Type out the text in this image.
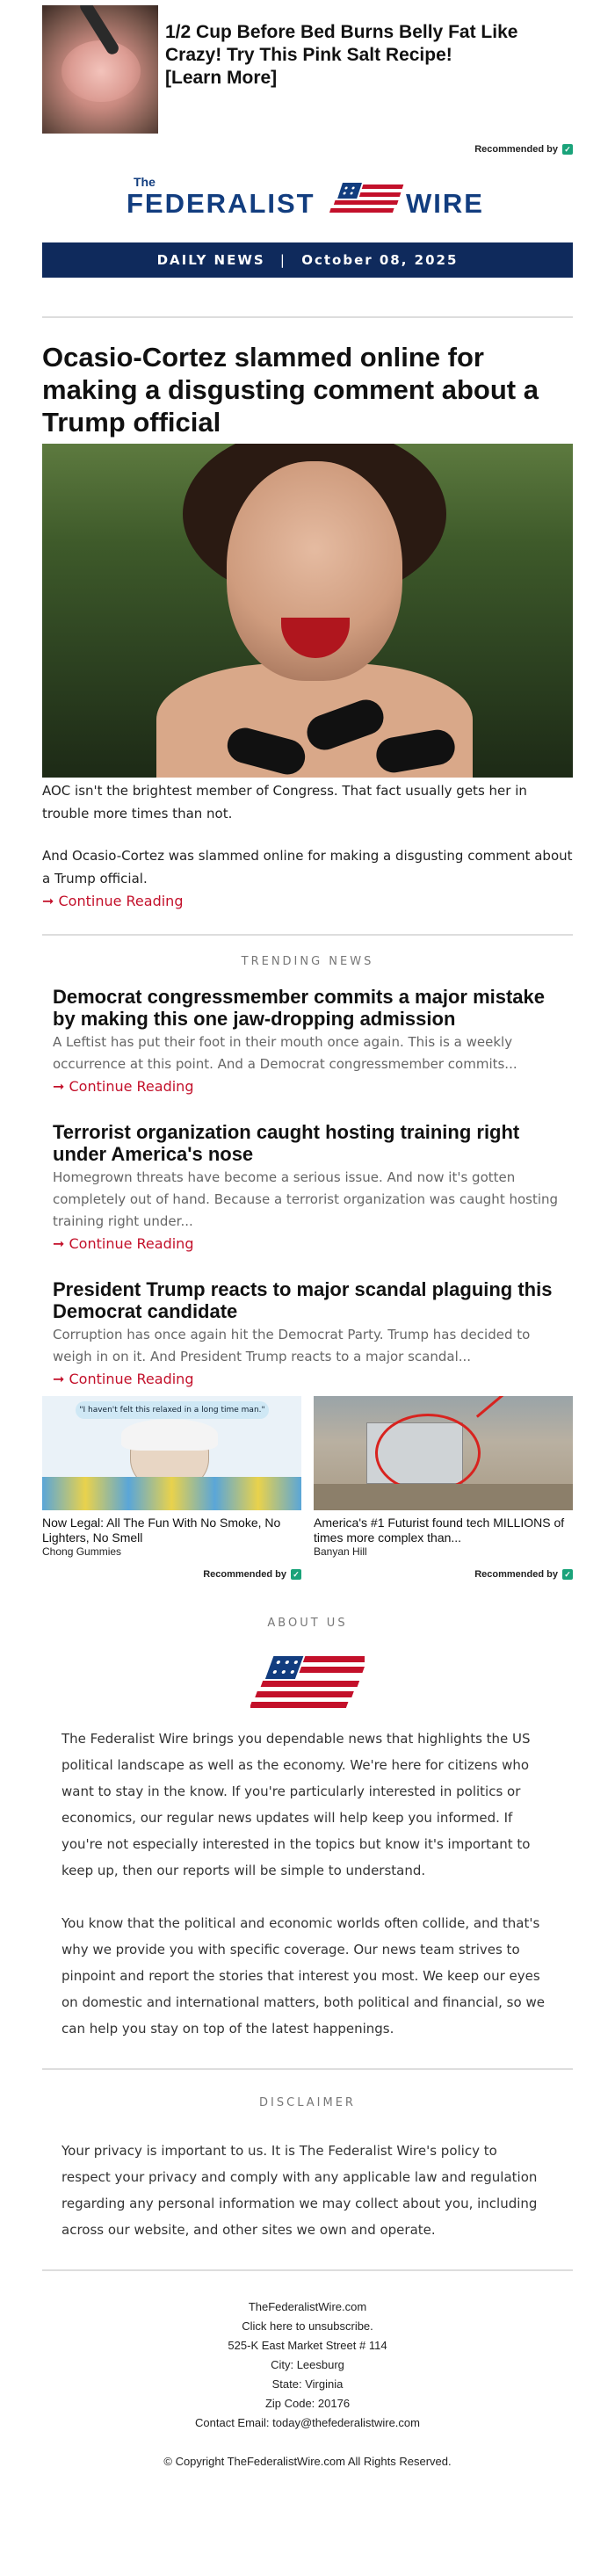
1/2 Cup Before Bed Burns Belly Fat Like Crazy! Try This Pink Salt Recipe!
[Learn More]
Recommended by ✓
The
FEDERALIST	WIRE
DAILY NEWS | October 08, 2025
Ocasio-Cortez slammed online for making a disgusting comment about a Trump official

AOC isn't the brightest member of Congress. That fact usually gets her in trouble more times than not.

And Ocasio-Cortez was slammed online for making a disgusting comment about a Trump official.

➞ Continue Reading
TRENDING NEWS
Democrat congressmember commits a major mistake by making this one jaw-dropping admission

A Leftist has put their foot in their mouth once again. This is a weekly occurrence at this point. And a Democrat congressmember commits...

➞ Continue Reading
Terrorist organization caught hosting training right under America's nose

Homegrown threats have become a serious issue. And now it's gotten completely out of hand. Because a terrorist organization was caught hosting training right under...

➞ Continue Reading
President Trump reacts to major scandal plaguing this Democrat candidate

Corruption has once again hit the Democrat Party. Trump has decided to weigh in on it. And President Trump reacts to a major scandal...

➞ Continue Reading
"I haven't felt this relaxed in a long time man."
Now Legal: All The Fun With No Smoke, No Lighters, No Smell
Chong Gummies
Recommended by ✓
America's #1 Futurist found tech MILLIONS of times more complex than...
Banyan Hill
Recommended by ✓
ABOUT US

The Federalist Wire brings you dependable news that highlights the US political landscape as well as the economy. We're here for citizens who want to stay in the know. If you're particularly interested in politics or economics, our regular news updates will help keep you informed. If you're not especially interested in the topics but know it's important to keep up, then our reports will be simple to understand.

You know that the political and economic worlds often collide, and that's why we provide you with specific coverage. Our news team strives to pinpoint and report the stories that interest you most. We keep our eyes on domestic and international matters, both political and financial, so we can help you stay on top of the latest happenings.

DISCLAIMER

Your privacy is important to us. It is The Federalist Wire's policy to respect your privacy and comply with any applicable law and regulation regarding any personal information we may collect about you, including across our website, and other sites we own and operate.

TheFederalistWire.com
Click here to unsubscribe.
525-K East Market Street # 114
City: Leesburg
State: Virginia
Zip Code: 20176
Contact Email: today@thefederalistwire.com
© Copyright TheFederalistWire.com All Rights Reserved.
